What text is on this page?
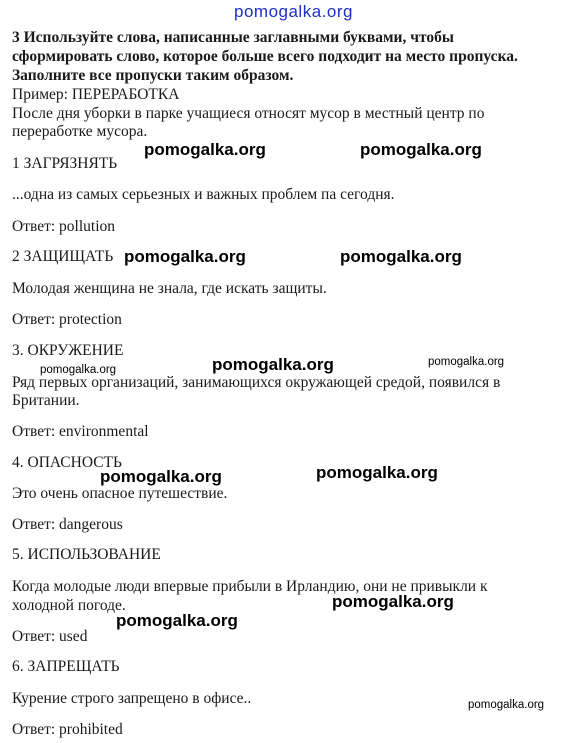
pomogalka.org
3 Используйте слова, написанные заглавными буквами, чтобы
сформировать слово, которое больше всего подходит на место пропуска.
Заполните все пропуски таким образом.
Пример: ПЕРЕРАБОТКА
После дня уборки в парке учащиеся относят мусор в местный центр по
переработке мусора.
1 ЗАГРЯЗНЯТЬ
...одна из самых серьезных и важных проблем па сегодня.
Ответ: pollution
2 ЗАЩИЩАТЬ
Молодая женщина не знала, где искать защиты.
Ответ: protection
3. ОКРУЖЕНИЕ
Ряд первых организаций, занимающихся окружающей средой, появился в
Британии.
Ответ: environmental
4. ОПАСНОСТЬ
Это очень опасное путешествие.
Ответ: dangerous
5. ИСПОЛЬЗОВАНИЕ
Когда молодые люди впервые прибыли в Ирландию, они не привыкли к
холодной погоде.
Ответ: used
6. ЗАПРЕЩАТЬ
Курение строго запрещено в офисе..
Ответ: prohibited
pomogalka.org	pomogalka.org
pomogalka.org	pomogalka.org
pomogalka.org
pomogalka.org	pomogalka.org
pomogalka.org
pomogalka.org
pomogalka.org
pomogalka.org
pomogalka.org
